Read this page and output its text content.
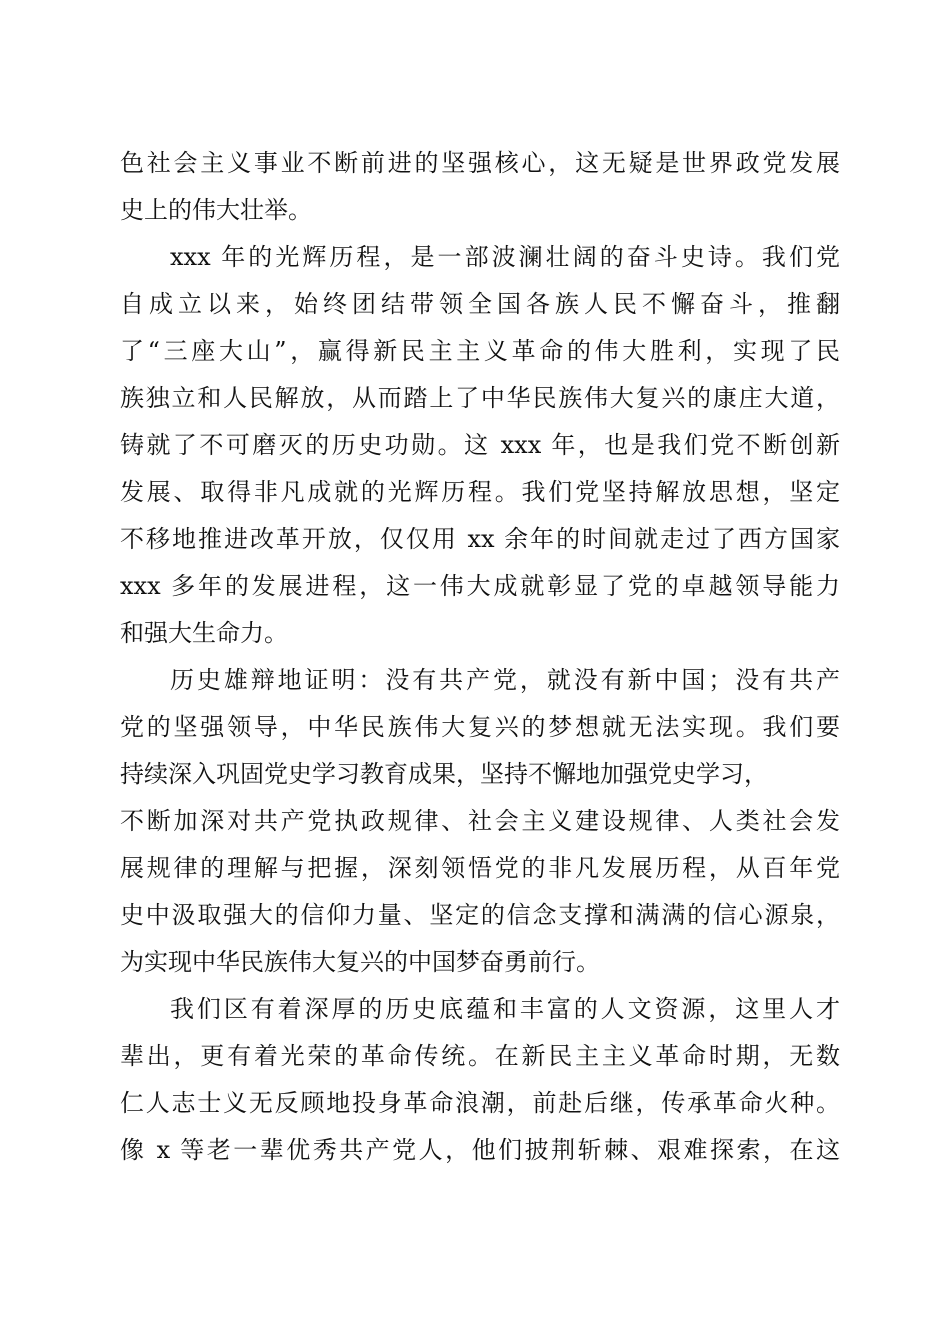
色社会主义事业不断前进的坚强核心，这无疑是世界政党发展
史上的伟大壮举。
xxx 年的光辉历程，是一部波澜壮阔的奋斗史诗。我们党
自成立以来，始终团结带领全国各族人民不懈奋斗，推翻
了“三座大山”，赢得新民主主义革命的伟大胜利，实现了民
族独立和人民解放，从而踏上了中华民族伟大复兴的康庄大道，
铸就了不可磨灭的历史功勋。这 xxx 年，也是我们党不断创新
发展、取得非凡成就的光辉历程。我们党坚持解放思想，坚定
不移地推进改革开放，仅仅用 xx 余年的时间就走过了西方国家
xxx 多年的发展进程，这一伟大成就彰显了党的卓越领导能力
和强大生命力。
历史雄辩地证明：没有共产党，就没有新中国；没有共产
党的坚强领导，中华民族伟大复兴的梦想就无法实现。我们要
持续深入巩固党史学习教育成果，坚持不懈地加强党史学习，
不断加深对共产党执政规律、社会主义建设规律、人类社会发
展规律的理解与把握，深刻领悟党的非凡发展历程，从百年党
史中汲取强大的信仰力量、坚定的信念支撑和满满的信心源泉，
为实现中华民族伟大复兴的中国梦奋勇前行。
我们区有着深厚的历史底蕴和丰富的人文资源，这里人才
辈出，更有着光荣的革命传统。在新民主主义革命时期，无数
仁人志士义无反顾地投身革命浪潮，前赴后继，传承革命火种。
像 x 等老一辈优秀共产党人，他们披荆斩棘、艰难探索，在这
